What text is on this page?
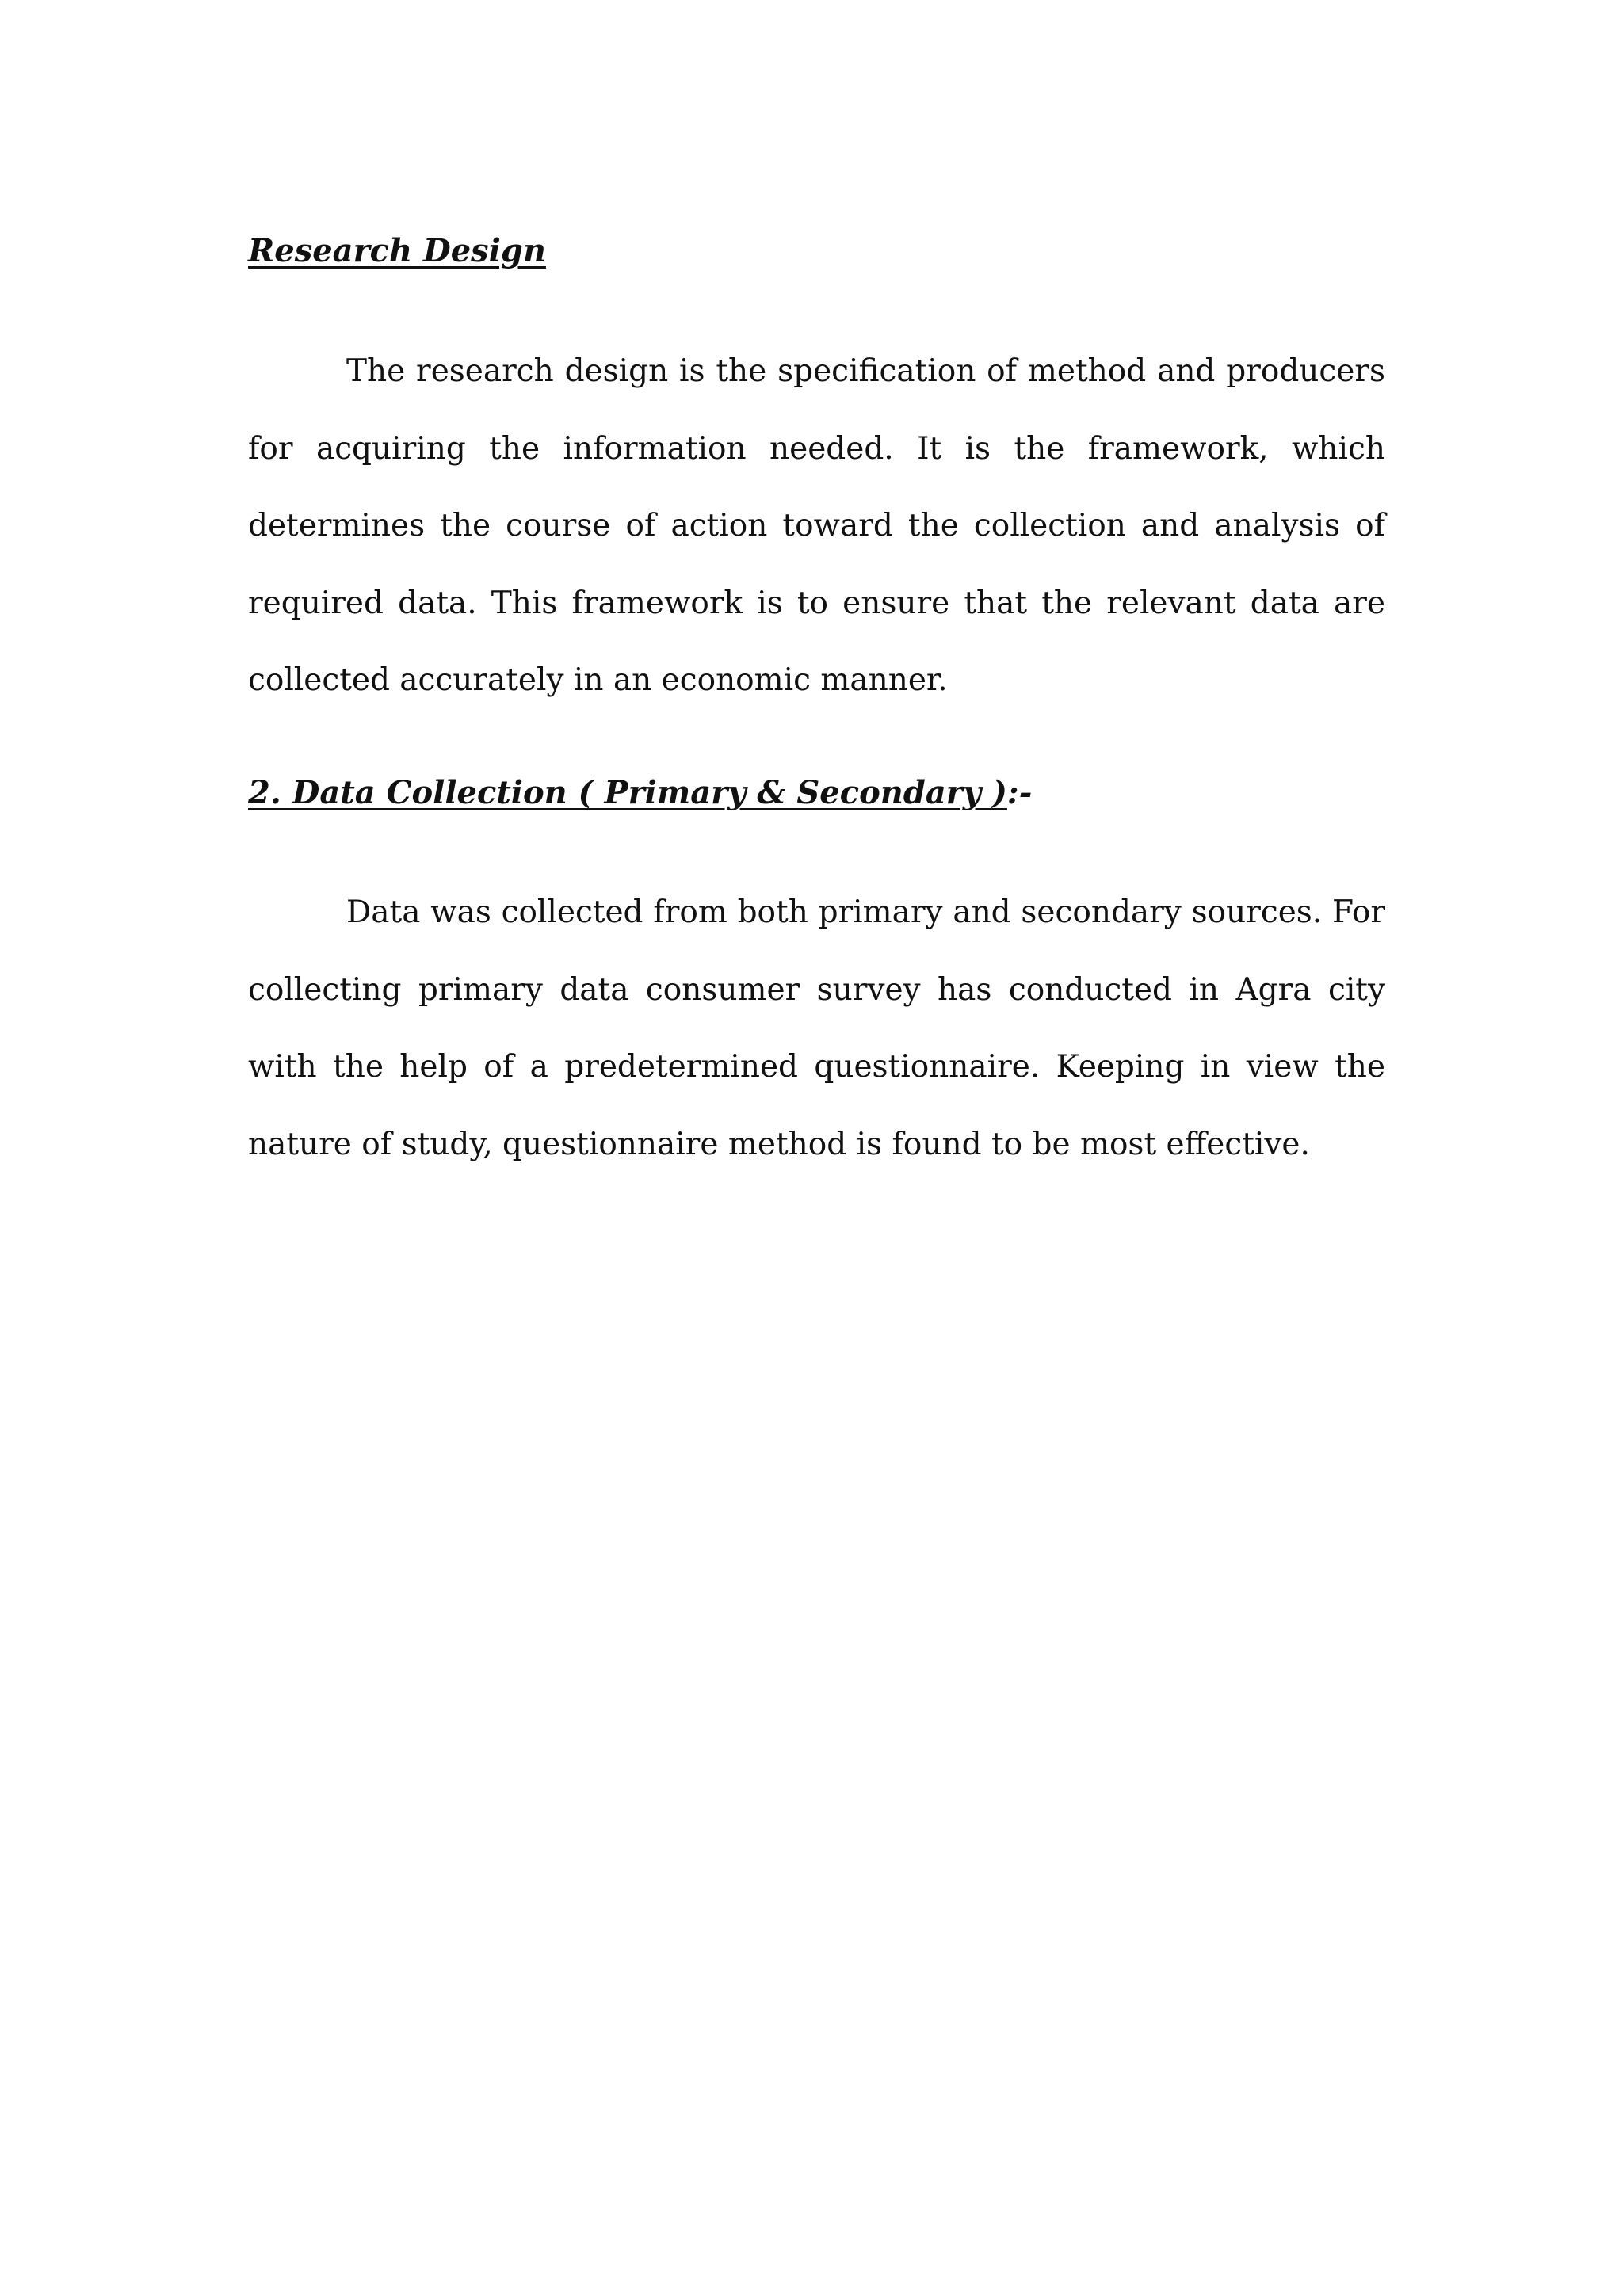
Research Design

The research design is the specification of method and producers for acquiring the information needed. It is the framework, which determines the course of action toward the collection and analysis of required data. This framework is to ensure that the relevant data are collected accurately in an economic manner.

2. Data Collection ( Primary & Secondary ):-

Data was collected from both primary and secondary sources. For collecting primary data consumer survey has conducted in Agra city with the help of a predetermined questionnaire. Keeping in view the nature of study, questionnaire method is found to be most effective.
